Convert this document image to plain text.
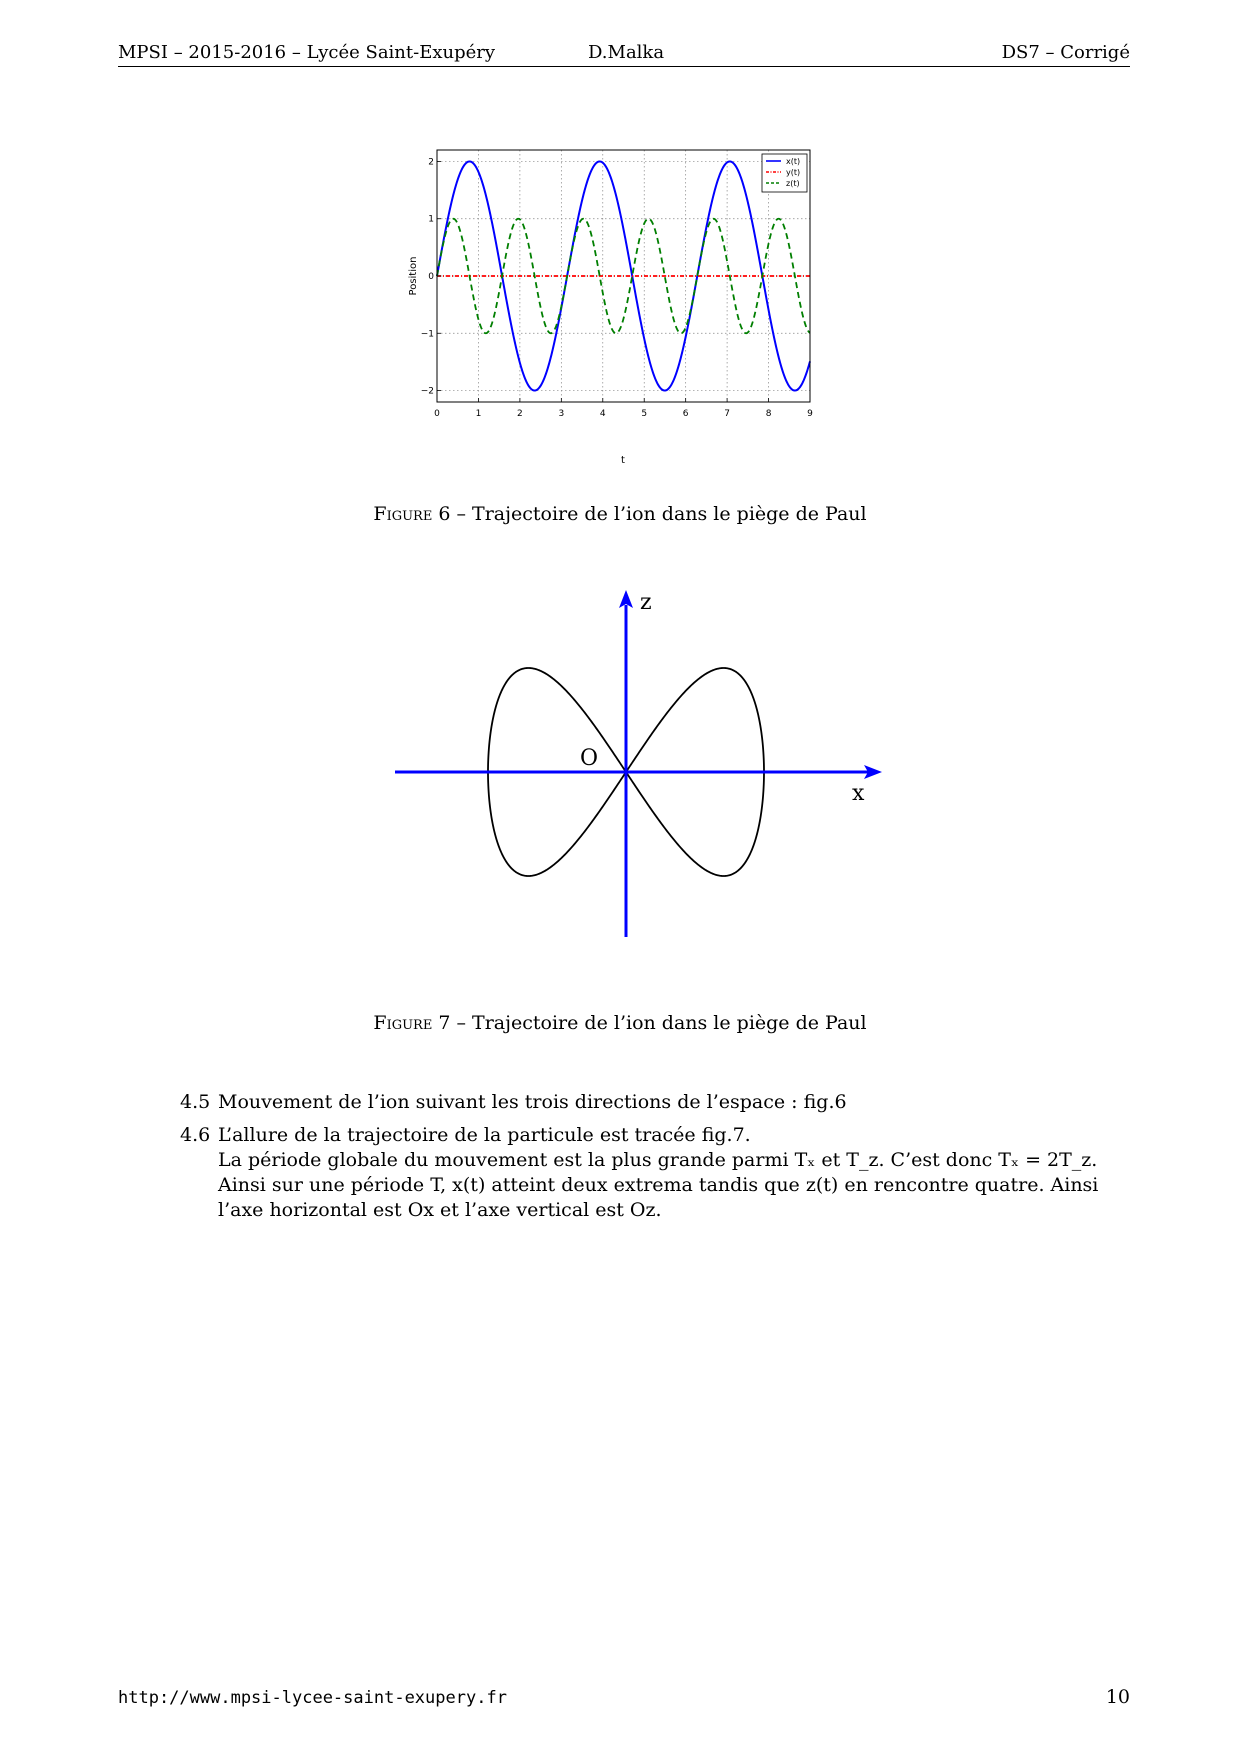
MPSI – 2015-2016 – Lycée Saint-Exupéry	D.Malka	DS7 – Corrigé
t
Position
0	1	2	3	4	5	6	7	8	9
2
1
0
−1
−2
x(t)
y(t)
z(t)
Figure 6 – Trajectoire de l’ion dans le piège de Paul
z
x
O
Figure 7 – Trajectoire de l’ion dans le piège de Paul
4.5 Mouvement de l’ion suivant les trois directions de l’espace : fig.6

4.6 L’allure de la trajectoire de la particule est tracée fig.7.

La période globale du mouvement est la plus grande parmi Tₓ et T_z. C’est donc Tₓ = 2T_z. Ainsi sur une période T, x(t) atteint deux extrema tandis que z(t) en rencontre quatre. Ainsi l’axe horizontal est Ox et l’axe vertical est Oz.

http://www.mpsi-lycee-saint-exupery.fr	10
